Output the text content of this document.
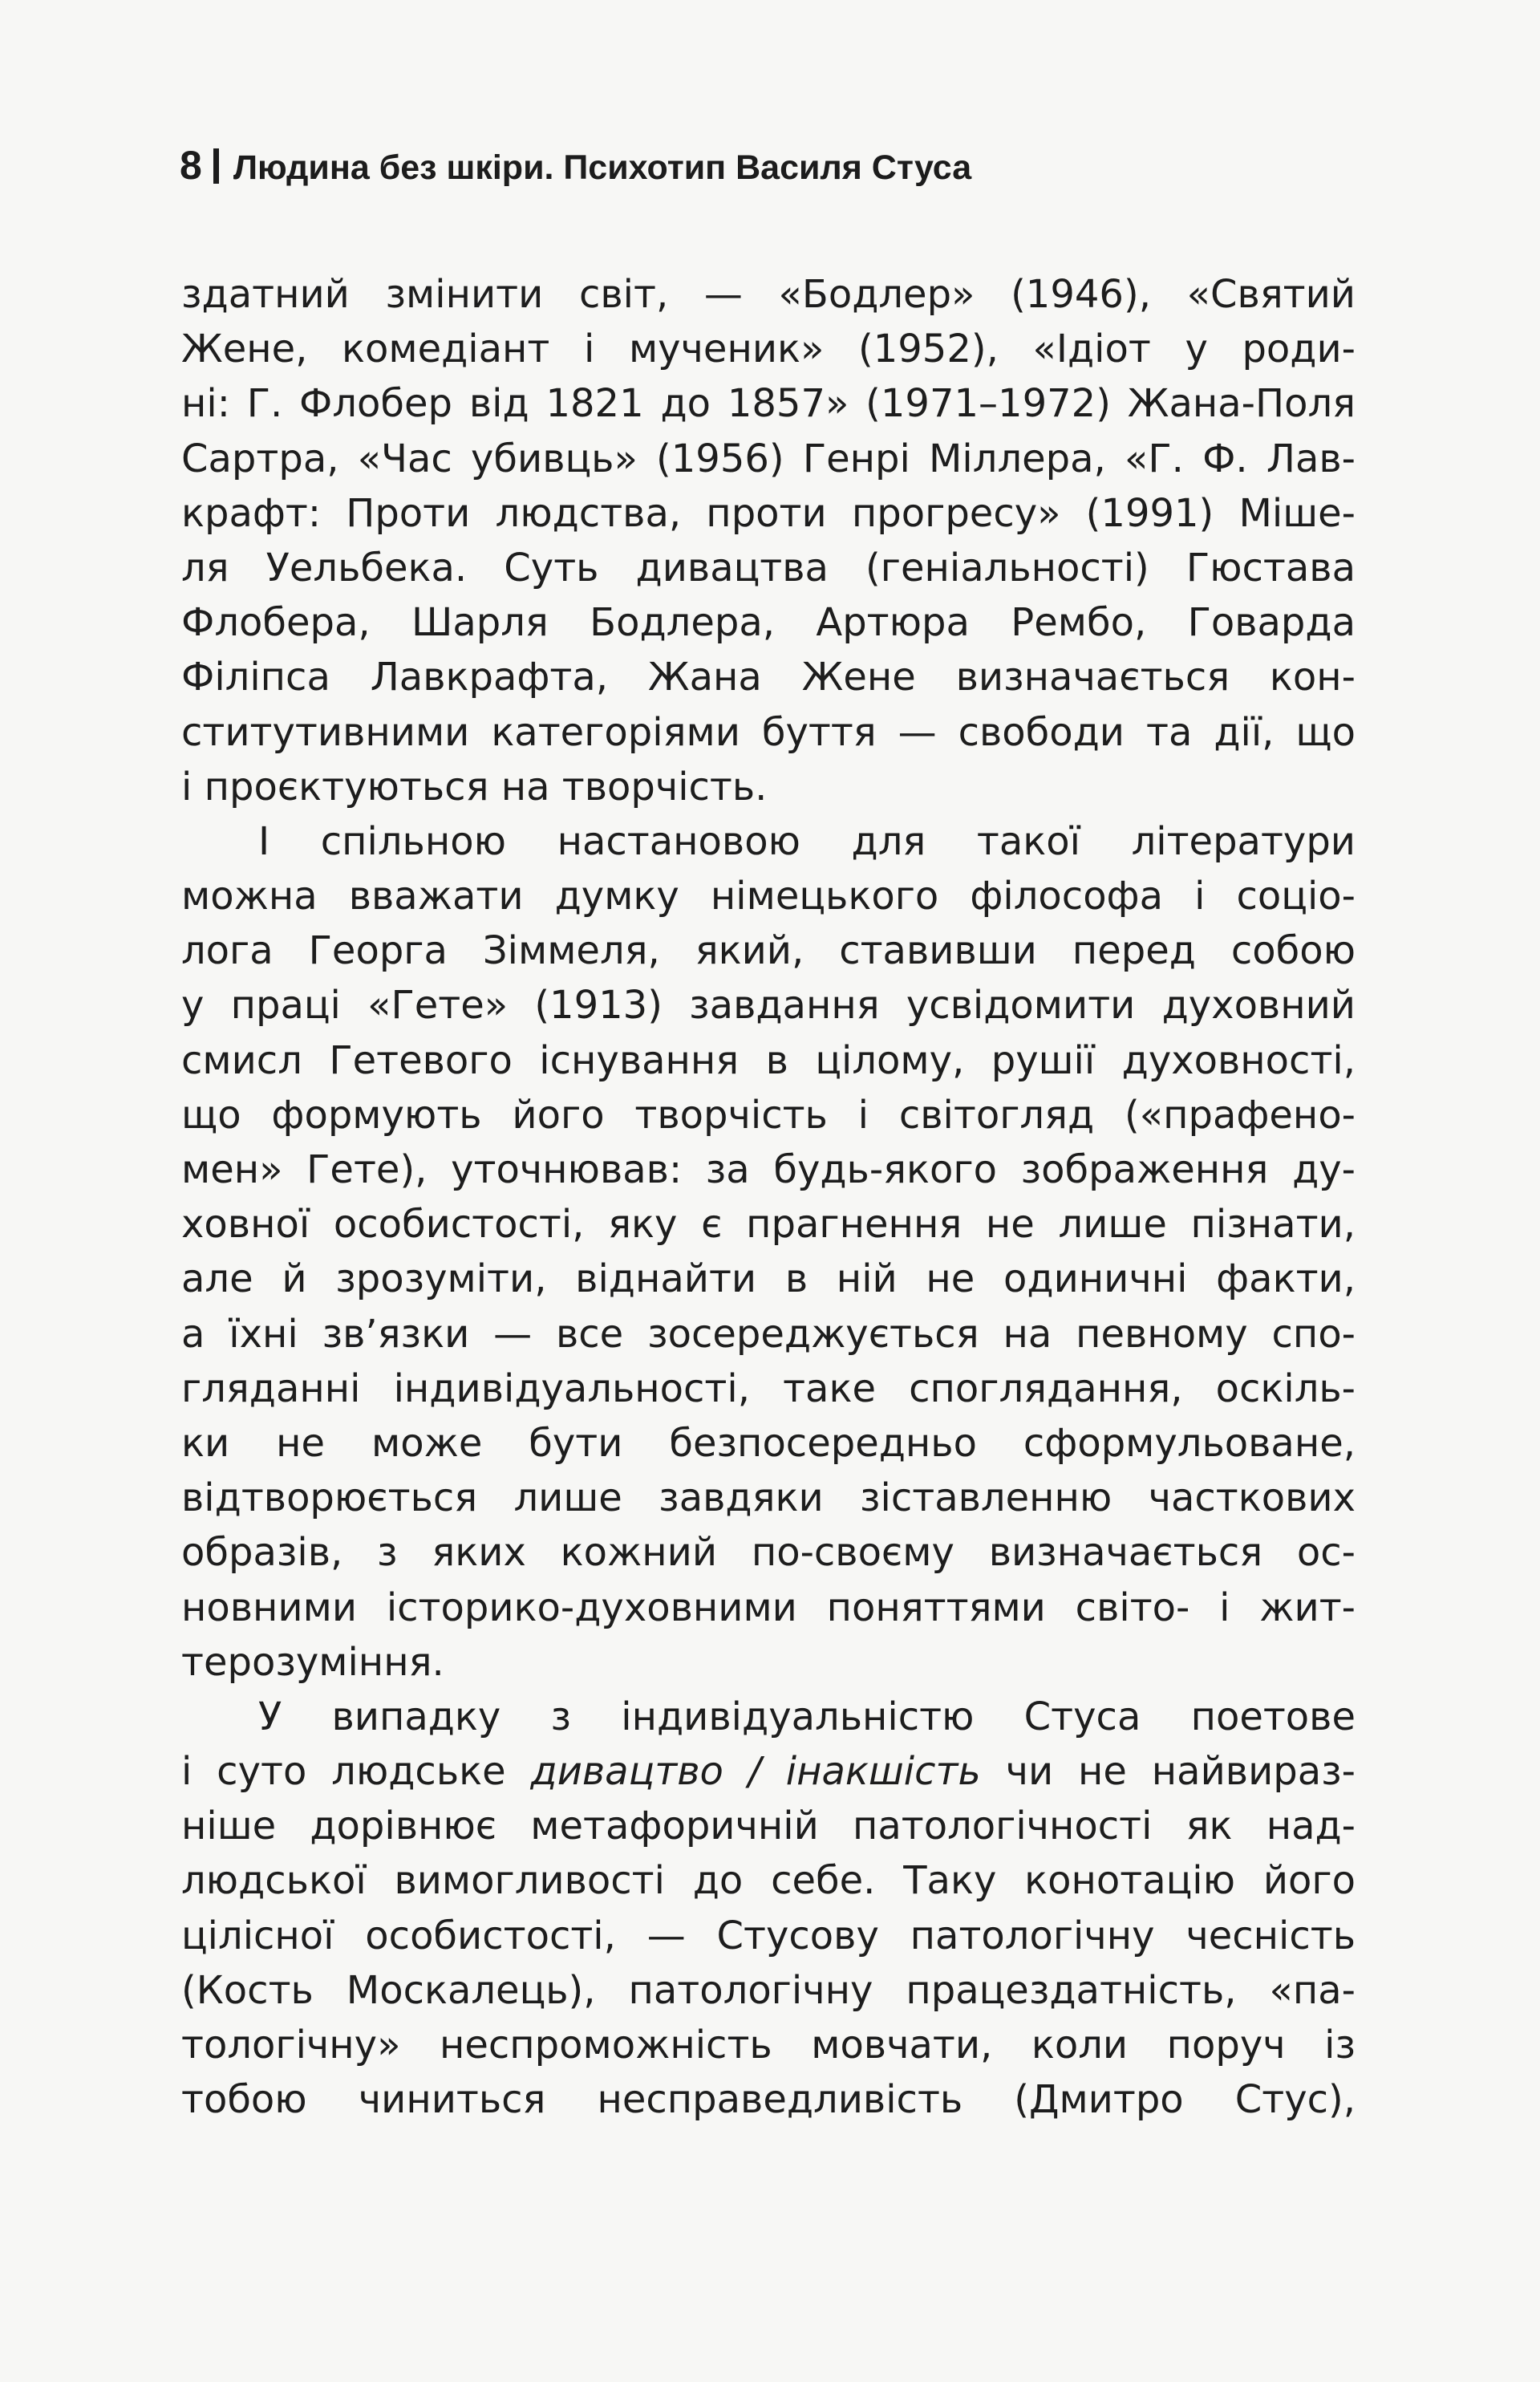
8 Людина без шкіри. Психотип Василя Стуса
здатний змінити світ, — «Бодлер» (1946), «Святий
Жене, комедіант і мученик» (1952), «Ідіот у роди-
ні: Г. Флобер від 1821 до 1857» (1971–1972) Жана-Поля
Сартра, «Час убивць» (1956) Генрі Міллера, «Г. Ф. Лав-
крафт: Проти людства, проти прогресу» (1991) Міше-
ля Уельбека. Суть дивацтва (геніальності) Гюстава
Флобера, Шарля Бодлера, Артюра Рембо, Говарда
Філіпса Лавкрафта, Жана Жене визначається кон-
ститутивними категоріями буття — свободи та дії, що
і проєктуються на творчість.
І спільною настановою для такої літератури
можна вважати думку німецького філософа і соціо-
лога Георга Зіммеля, який, ставивши перед собою
у праці «Гете» (1913) завдання усвідомити духовний
смисл Гетевого існування в цілому, рушії духовності,
що формують його творчість і світогляд («прафено-
мен» Гете), уточнював: за будь-якого зображення ду-
ховної особистості, яку є прагнення не лише пізнати,
але й зрозуміти, віднайти в ній не одиничні факти,
а їхні зв’язки — все зосереджується на певному спо-
гляданні індивідуальності, таке споглядання, оскіль-
ки не може бути безпосередньо сформульоване,
відтворюється лише завдяки зіставленню часткових
образів, з яких кожний по-своєму визначається ос-
новними історико-духовними поняттями світо- і жит-
терозуміння.
У випадку з індивідуальністю Стуса поетове
і суто людське дивацтво / інакшість чи не найвираз-
ніше дорівнює метафоричній патологічності як над-
людської вимогливості до себе. Таку конотацію його
цілісної особистості, — Стусову патологічну чесність
(Кость Москалець), патологічну працездатність, «па-
тологічну» неспроможність мовчати, коли поруч із
тобою чиниться несправедливість (Дмитро Стус),
